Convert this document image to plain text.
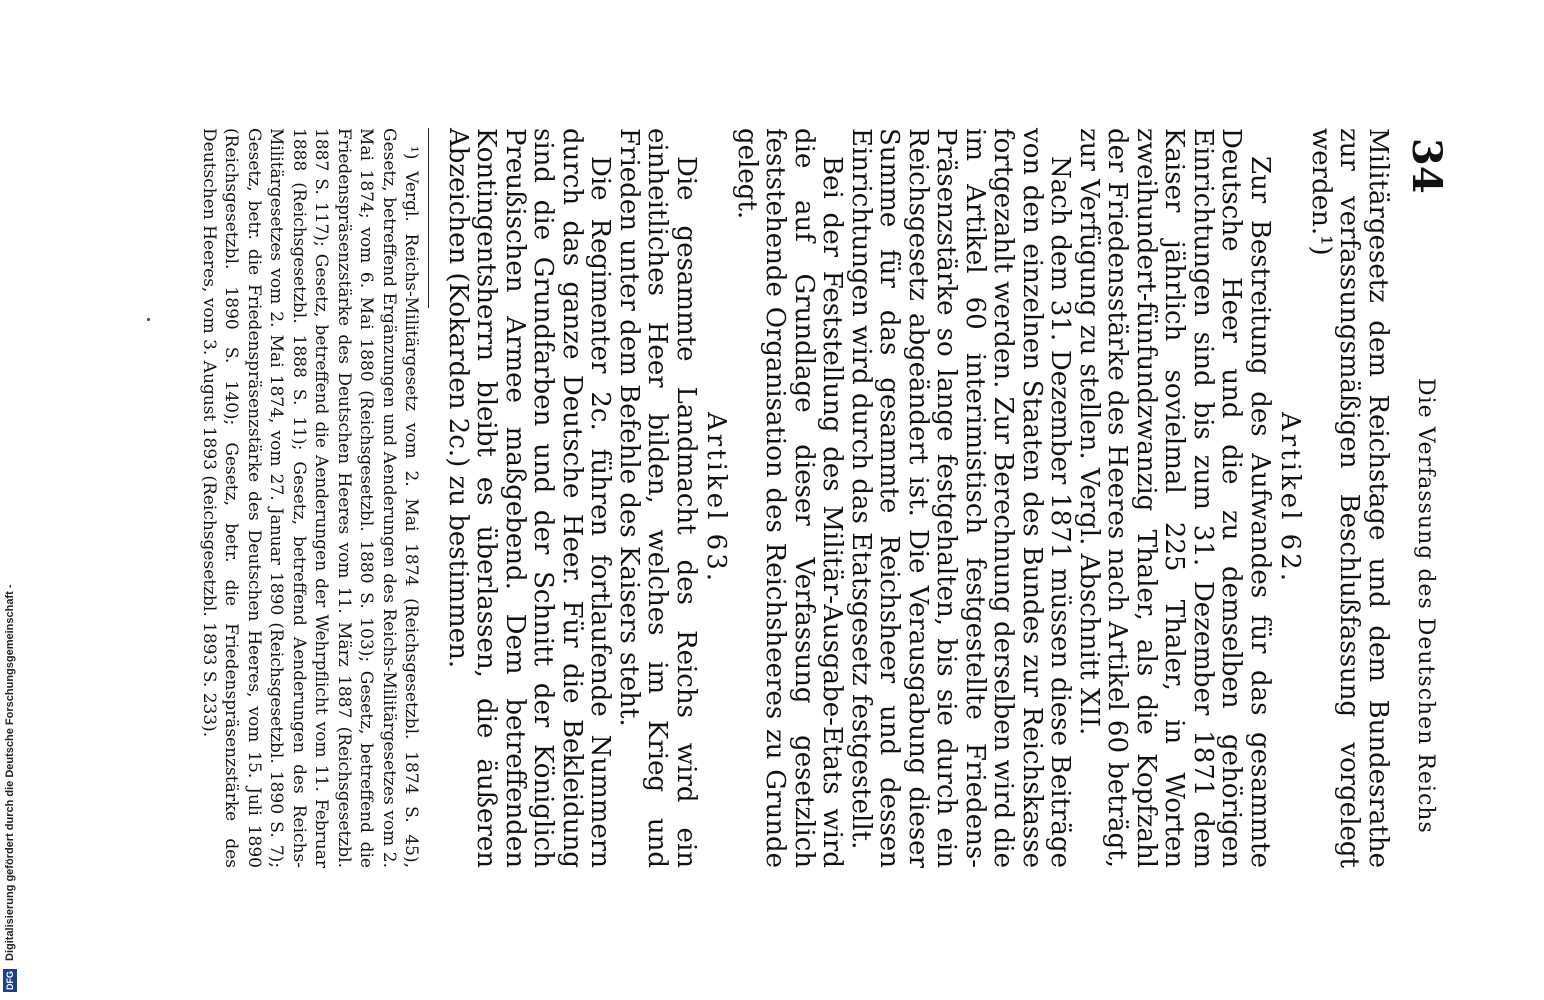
34
Die Verfassung des Deutschen Reichs

Militärgesetz dem Reichstage und dem Bundesrathe zur verfassungsmäßigen Beschlußfassung vorgelegt werden.¹)

Artikel 62.

Zur Bestreitung des Aufwandes für das gesammte Deutsche Heer und die zu demselben gehörigen Einrichtungen sind bis zum 31. Dezember 1871 dem Kaiser jährlich sovielmal 225 Thaler, in Worten zweihundert-fünfundzwanzig Thaler, als die Kopfzahl der Friedensstärke des Heeres nach Artikel 60 beträgt, zur Verfügung zu stellen. Vergl. Abschnitt XII.

Nach dem 31. Dezember 1871 müssen diese Beiträge von den einzelnen Staaten des Bundes zur Reichskasse fortgezahlt werden. Zur Berechnung derselben wird die im Artikel 60 interimistisch festgestellte Friedens-Präsenzstärke so lange festgehalten, bis sie durch ein Reichsgesetz abgeändert ist. Die Verausgabung dieser Summe für das gesammte Reichsheer und dessen Einrichtungen wird durch das Etatsgesetz festgestellt.

Bei der Feststellung des Militär-Ausgabe-Etats wird die auf Grundlage dieser Verfassung gesetzlich feststehende Organisation des Reichsheeres zu Grunde gelegt.

Artikel 63.

Die gesammte Landmacht des Reichs wird ein einheitliches Heer bilden, welches im Krieg und Frieden unter dem Befehle des Kaisers steht.

Die Regimenter 2c. führen fortlaufende Nummern durch das ganze Deutsche Heer. Für die Bekleidung sind die Grundfarben und der Schnitt der Königlich Preußischen Armee maßgebend. Dem betreffenden Kontingentsherrn bleibt es überlassen, die äußeren Abzeichen (Kokarden 2c.) zu bestimmen.

¹) Vergl. Reichs-Militärgesetz vom 2. Mai 1874 (Reichsgesetzbl. 1874 S. 45), Gesetz, betreffend Ergänzungen und Aenderungen des Reichs-Militärgesetzes vom 2. Mai 1874; vom 6. Mai 1880 (Reichsgesetzbl. 1880 S. 103); Gesetz, betreffend die Friedenspräsenzstärke des Deutschen Heeres vom 11. März 1887 (Reichsgesetzbl. 1887 S. 117); Gesetz, betreffend die Aenderungen der Wehrpflicht vom 11. Februar 1888 (Reichsgesetzbl. 1888 S. 11); Gesetz, betreffend Aenderungen des Reichs-Militärgesetzes vom 2. Mai 1874, vom 27. Januar 1890 (Reichsgesetzbl. 1890 S. 7); Gesetz, betr. die Friedenspräsenzstärke des Deutschen Heeres, vom 15. Juli 1890 (Reichsgesetzbl. 1890 S. 140); Gesetz, betr. die Friedenspräsenzstärke des Deutschen Heeres, vom 3. August 1893 (Reichsgesetzbl. 1893 S. 233).

DFG
Digitalisierung gefördert durch die Deutsche Forschungsgemeinschaft -
